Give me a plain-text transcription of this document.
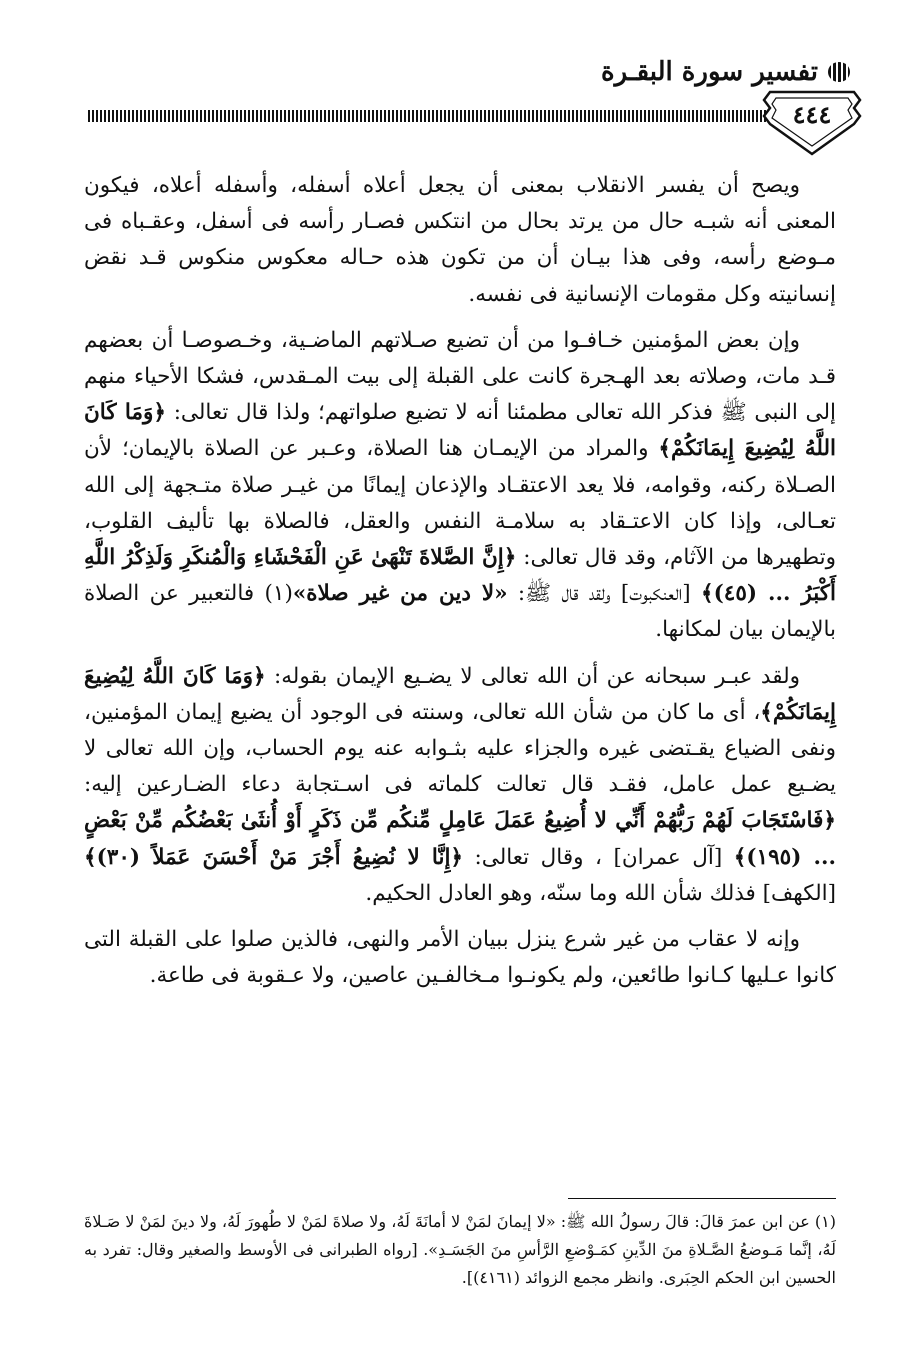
تفسير سورة البقـرة
٤٤٤

ويصح أن يفسر الانقلاب بمعنى أن يجعل أعلاه أسفله، وأسفله أعلاه، فيكون المعنى أنه شبـه حال من يرتد بحال من انتكس فصـار رأسه فى أسفل، وعقـباه فى مـوضع رأسه، وفى هذا بيـان أن من تكون هذه حـاله معكوس منكوس قـد نقض إنسانيته وكل مقومات الإنسانية فى نفسه.

وإن بعض المؤمنين خـافـوا من أن تضيع صـلاتهم الماضـية، وخـصوصـا أن بعضهم قـد مات، وصلاته بعد الهـجرة كانت على القبلة إلى بيت المـقدس، فشكا الأحياء منهم إلى النبى ﷺ فذكر الله تعالى مطمئنا أنه لا تضيع صلواتهم؛ ولذا قال تعالى: ﴿وَمَا كَانَ اللَّهُ لِيُضِيعَ إِيمَانَكُمْ﴾ والمراد من الإيمـان هنا الصلاة، وعـبر عن الصلاة بالإيمان؛ لأن الصـلاة ركنه، وقوامه، فلا يعد الاعتقـاد والإذعان إيمانًا من غيـر صلاة متـجهة إلى الله تعـالى، وإذا كان الاعتـقاد به سلامـة النفس والعقل، فالصلاة بها تأليف القلوب، وتطهيرها من الآثام، وقد قال تعالى: ﴿إِنَّ الصَّلاةَ تَنْهَىٰ عَنِ الْفَحْشَاءِ وَالْمُنكَرِ وَلَذِكْرُ اللَّهِ أَكْبَرُ ... (٤٥)﴾ [العنكبوت] ولقد قال ﷺ: «لا دين من غير صلاة»(١) فالتعبير عن الصلاة بالإيمان بيان لمكانها.
ولقد عبـر سبحانه عن أن الله تعالى لا يضـيع الإيمان بقوله: ﴿وَمَا كَانَ اللَّهُ لِيُضِيعَ إِيمَانَكُمْ﴾، أى ما كان من شأن الله تعالى، وسنته فى الوجود أن يضيع إيمان المؤمنين، ونفى الضياع يقـتضى غيره والجزاء عليه بثـوابه عنه يوم الحساب، وإن الله تعالى لا يضـيع عمل عامل، فقـد قال تعالت كلماته فى اسـتجابة دعاء الضـارعين إليه: ﴿فَاسْتَجَابَ لَهُمْ رَبُّهُمْ أَنِّي لا أُضِيعُ عَمَلَ عَامِلٍ مِّنكُم مِّن ذَكَرٍ أَوْ أُنثَىٰ بَعْضُكُم مِّنْ بَعْضٍ ... (١٩٥)﴾ [آل عمران] ، وقال تعالى: ﴿إِنَّا لا نُضِيعُ أَجْرَ مَنْ أَحْسَنَ عَمَلاً (٣٠)﴾ [الكهف] فذلك شأن الله وما سنّه، وهو العادل الحكيم.

وإنه لا عقاب من غير شرع ينزل ببيان الأمر والنهى، فالذين صلوا على القبلة التى كانوا عـليها كـانوا طائعين، ولم يكونـوا مـخالفـين عاصين، ولا عـقوبة فى طاعة.

(١) عن ابن عمرَ قالَ: قالَ رسولُ الله ﷺ: «لا إيمانَ لمَنْ لا أمانَةَ لَهُ، ولا صلاةَ لمَنْ لا طُهورَ لَهُ، ولا دينَ لمَنْ لا صَـلاةَ لَهُ، إنَّما مَـوضعُ الصَّـلاةِ منَ الدِّينِ كمَـوْضعِ الرَّأسِ منَ الجَسَـدِ». [رواه الطبرانى فى الأوسط والصغير وقال: تفرد به الحسين ابن الحكم الحِبَرى. وانظر مجمع الزوائد (٤١٦١)].
